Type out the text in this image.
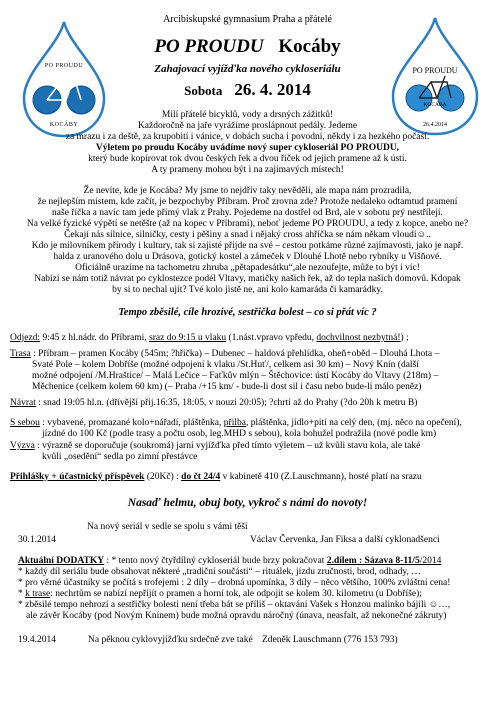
PO PROUDU
KOCÁBY
PO PROUDU
KOCÁBA
26.4.2014
Arcibiskupské gymnasium Praha a přátelé
PO PROUDU Kocáby
Zahajovací vyjížďka nového cykloseriálu
Sobota 26. 4. 2014
Milí přátelé bicyklů, vody a drsných zážitků!
Každoročně na jaře vyrážíme proslápnout pedály. Jedeme
za mrazu i za deště, za krupobití i vánice, v dobách sucha i povodní, někdy i za hezkého počasí.
Výletem po proudu Kocáby uvádíme nový super cykloseriál PO PROUDU,
který bude kopírovat tok dvou českých řek a dvou říček od jejich pramene až k ústí.
A ty prameny mohou být i na zajímavých místech!
Že nevíte, kde je Kocába? My jsme to nejdřív taky nevěděli, ale mapa nám prozradila,
že nejlepším místem, kde začít, je bezpochyby Příbram. Proč zrovna zde? Protože nedaleko odtamtud pramení
naše říčka a navíc tam jede přímý vlak z Prahy. Pojedeme na dostřel od Brd, ale v sobotu prý nestřílejí.
Na velké fyzické výpětí se netěšte (až na kopec v Příbrami), neboť jedeme PO PROUDU, a tedy z kopce, anebo ne?
Čekají nás silnice, silničky, cesty i pěšiny a snad i nějaký cross ahříčka se nám někam vloudí☺..
Kdo je milovníkem přírody i kultury, tak si zajisté přijde na své – cestou potkáme různé zajímavosti, jako je např.
halda z uranového dolu u Drásova, gotický kostel a zámeček v Dlouhé Lhotě nebo rybníky u Višňové.
Oficiálně urazíme na tachometru zhruba „pětapadesátku“,ale nezoufejte, může to být i víc!
Nabízí se nám totiž návrat po cyklostezce podél Vltavy, matičky našich řek, až do tepla našich domovů. Kdopak
by si to nechal ujít? Tvé kolo jistě ne, ani kolo kamaráda či kamarádky.
Tempo zběsilé, cíle hrozivé, sestřička bolest – co si přát víc ?
Odjezd: 9:45 z hl.nádr. do Příbrami, sraz do 9:15 u vlaku (1.nást.vpravo vpředu, dochvilnost nezbytná!) ;
Trasa : Příbram – pramen Kocáby (545m; ?hříčka) – Dubenec – haldová přehlídka, oheň+oběd – Dlouhá Lhota –
Svaté Pole – kolem Dobříše (možné odpojení k vlaku /St.Huť/, celkem asi 30 km) – Nový Knín (další
možné odpojení /M.Hraštice/ – Malá Lečice – Faťkův mlýn – Štěchovice: ústí Kocáby do Vltavy (218m) –
Měchenice (celkem kolem 60 km) (– Praha /+15 km/ - bude-li dost sil i času nebo bude-li málo peněz)
Návrat : snad 19:05 hl.n. (dřívější přij.16:35, 18:05, v nouzi 20:05); ?chrtí až do Prahy (?do 20h k metru B)
S sebou : vybavené, promazané kolo+nářadí, pláštěnka, přilba, pláštěnka, jídlo+pití na celý den, (mj. něco na opečení),
jízdné do 100 Kč (podle trasy a počtu osob, leg.MHD s sebou), kola bohužel podražila (nové podle km)
Výzva : výrazně se doporučuje (soukromá) jarní vyjížďka před tímto výletem – už kvůli stavu kola, ale také
kvůli „osedění“ sedla po zimní přestávce
Přihlášky + účastnický příspěvek (20Kč) : do čt 24/4 v kabinetě 410 (Z.Lauschmann), hosté platí na srazu
Nasaď helmu, obuj boty, vykroč s námi do novoty!
Na nový seriál v sedle se spolu s vámi těší
30.1.2014	Václav Červenka, Jan Fiksa a další cyklonadšenci
Aktuální DODATKY : * tento nový čtyřdílný cykloseriál bude brzy pokračovat 2.dílem : Sázava 8-11/5/2014
* každý díl seriálu bude obsahovat některé „tradiční součásti“ – rituálek, jízdu zručnosti, brod, odhady, …
* pro věrné účastníky se počítá s trofejemi : 2 díly – drobná upomínka, 3 díly – něco většího, 100% zvláštní cena!
* k trase: nechrtům se nabízí nepřijít o pramen a horní tok, ale odpojit se kolem 30. kilometru (u Dobříše);
* zběsilé tempo nehrozí a sestřičky bolesti není třeba bát se příliš – oktavání Vašek s Honzou malinko bájili ☺…,
ale závěr Kocáby (pod Novým Knínem) bude možná opravdu náročný (únava, neasfalt, až nekonečné zákruty)
19.4.2014	Na pěknou cyklovyjížďku srdečně zve také Zdeněk Lauschmann (776 153 793)
